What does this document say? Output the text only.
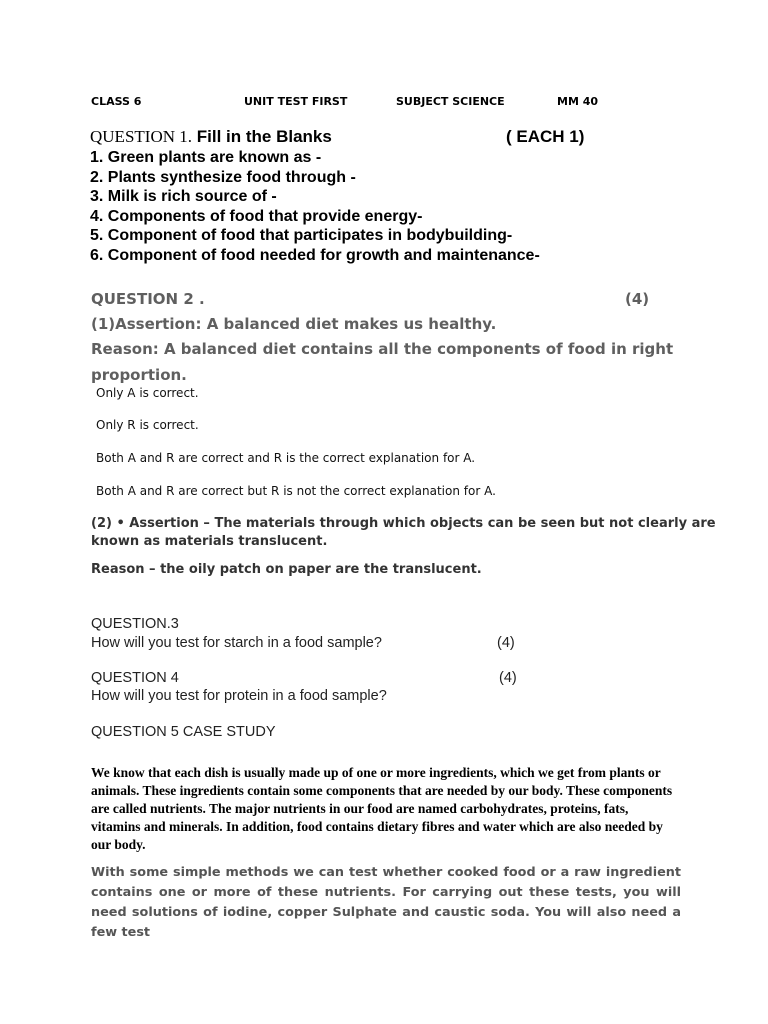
CLASS 6	UNIT TEST FIRST	SUBJECT SCIENCE	MM 40
QUESTION 1. Fill in the Blanks	( EACH 1)
1. Green plants are known as -
2. Plants synthesize food through -
3. Milk is rich source of -
4. Components of food that provide energy-
5. Component of food that participates in bodybuilding-
6. Component of food needed for growth and maintenance-
QUESTION 2 .	(4)
(1)Assertion: A balanced diet makes us healthy.
Reason: A balanced diet contains all the components of food in right
proportion.
Only A is correct.
Only R is correct.
Both A and R are correct and R is the correct explanation for A.
Both A and R are correct but R is not the correct explanation for A.
(2) • Assertion – The materials through which objects can be seen but not clearly are
known as materials translucent.
Reason – the oily patch on paper are the translucent.
QUESTION.3
How will you test for starch in a food sample?	(4)
QUESTION 4	(4)
How will you test for protein in a food sample?
QUESTION 5 CASE STUDY
We know that each dish is usually made up of one or more ingredients, which we get from plants or animals. These ingredients contain some components that are needed by our body. These components are called nutrients. The major nutrients in our food are named carbohydrates, proteins, fats, vitamins and minerals. In addition, food contains dietary fibres and water which are also needed by our body.
With some simple methods we can test whether cooked food or a raw ingredient contains one or more of these nutrients. For carrying out these tests, you will need solutions of iodine, copper Sulphate and caustic soda. You will also need a few test
